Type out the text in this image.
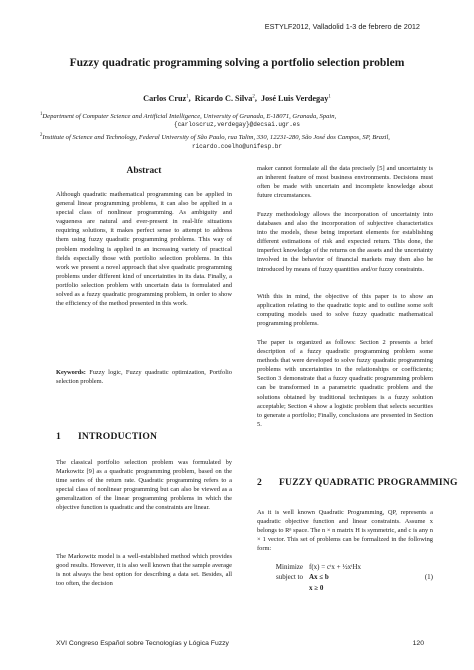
ESTYLF2012, Valladolid 1-3 de febrero de 2012
Fuzzy quadratic programming solving a portfolio selection problem
Carlos Cruz$^1$,  Ricardo C. Silva$^2$,  José Luis Verdegay$^1$
$^1$Department of Computer Science and Artificial Intelligence, University of Granada, E-18071, Granada, Spain,
{carloscruz,verdegay}@decsai.ugr.es
$^2$Institute of Science and Technology, Federal University of São Paulo, rua Talim, 330, 12231-280, São José dos Campos, SP, Brazil,
ricardo.coelho@unifesp.br
Abstract

Although quadratic mathematical programming can be applied in general linear programming problems, it can also be applied in a special class of nonlinear programming. As ambiguity and vagueness are natural and ever-present in real-life situations requiring solutions, it makes perfect sense to attempt to address them using fuzzy quadratic programming problems. This way of problem modeling is applied in an increasing variety of practical fields especially those with portfolio selection problems. In this work we present a novel approach that slve quadratic programming problems under different kind of uncertainties in its data. Finally, a portfolio selection problem with uncertain data is formulated and solved as a fuzzy quadratic programming problem, in order to show the efficiency of the method presented in this work.

Keywords: Fuzzy logic, Fuzzy quadratic optimization, Portfolio selection problem.

1 INTRODUCTION

The classical portfolio selection problem was formulated by Markowitz [9] as a quadratic programming problem, based on the time series of the return rate. Quadratic programming refers to a special class of nonlinear programming but can also be viewed as a generalization of the linear programming problems in which the objective function is quadratic and the constraints are linear.

The Markowitz model is a well-established method which provides good results. However, it is also well known that the sample average is not always the best option for describing a data set. Besides, all too often, the decision

maker cannot formulate all the data precisely [5] and uncertainty is an inherent feature of most business environments. Decisions must often be made with uncertain and incomplete knowledge about future circumstances.

Fuzzy methodology allows the incorporation of uncertainty into databases and also the incorporation of subjective characteristics into the models, these being important elements for establishing different estimations of risk and expected return. This done, the imperfect knowledge of the returns on the assets and the uncertainty involved in the behavior of financial markets may then also be introduced by means of fuzzy quantities and/or fuzzy constraints.

With this in mind, the objective of this paper is to show an application relating to the quadratic topic and to outline some soft computing models used to solve fuzzy quadratic mathematical programming problems.

The paper is organized as follows: Section 2 presents a brief description of a fuzzy quadratic programming problem some methods that were developed to solve fuzzy quadratic programming problems with uncertainties in the relationships or coefficients; Section 3 demonstrate that a fuzzy quadratic programming problem can be transformed in a parametric quadratic problem and the solutions obtained by traditional techniques is a fuzzy solution acceptable; Section 4 show a logistic problem that selects securities to generate a portfolio; Finally, conclusions are presented in Section 5.

2 FUZZY QUADRATIC PROGRAMMING

As it is well known Quadratic Programming, QP, represents a quadratic objective function and linear constraints. Assume x belongs to Rⁿ space. The n × n matrix H is symmetric, and c is any n × 1 vector. This set of problems can be formalized in the following form:

Minimize f(x) = cᵗx + ½xᵗHx
subject to Ax ≤ b	(1)
x ≥ 0
XVI Congreso Español sobre Tecnologías y Lógica Fuzzy	120
